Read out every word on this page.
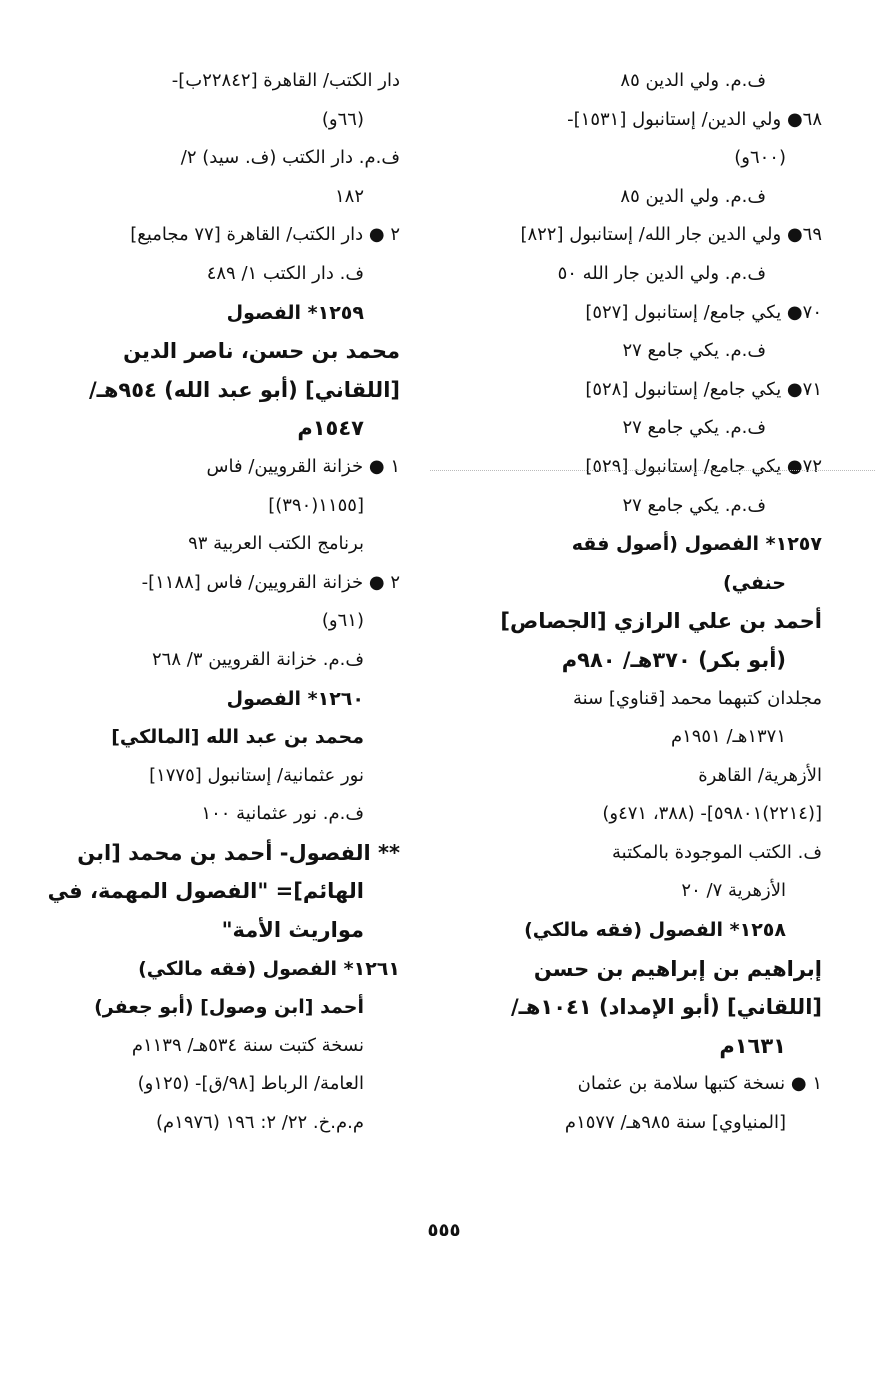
ف.م. ولي الدين ٨٥
٦٨● ولي الدين/ إستانبول [١٥٣١]-
(٦٠٠و)
ف.م. ولي الدين ٨٥
٦٩● ولي الدين جار الله/ إستانبول [٨٢٢]
ف.م. ولي الدين جار الله ٥٠
٧٠● يكي جامع/ إستانبول [٥٢٧]
ف.م. يكي جامع ٢٧
٧١● يكي جامع/ إستانبول [٥٢٨]
ف.م. يكي جامع ٢٧
٧٢● يكي جامع/ إستانبول [٥٢٩]
ف.م. يكي جامع ٢٧
١٢٥٧* الفصول (أصول فقه
حنفي)
أحمد بن علي الرازي [الجصاص]
(أبو بكر) ٣٧٠هـ/ ٩٨٠م
مجلدان كتبهما محمد [قناوي] سنة
١٣٧١هـ/ ١٩٥١م
الأزهرية/ القاهرة
[(٢٢١٤)٥٩٨٠١]- (٣٨٨، ٤٧١و)
ف. الكتب الموجودة بالمكتبة
الأزهرية ٧/ ٢٠
١٢٥٨* الفصول (فقه مالكي)
إبراهيم بن إبراهيم بن حسن
[اللقاني] (أبو الإمداد) ١٠٤١هـ/
١٦٣١م
١ ● نسخة كتبها سلامة بن عثمان
[المنياوي] سنة ٩٨٥هـ/ ١٥٧٧م
دار الكتب/ القاهرة [٢٢٨٤٢ب]-
(٦٦و)
ف.م. دار الكتب (ف. سيد) ٢/
١٨٢
٢ ● دار الكتب/ القاهرة [٧٧ مجاميع]
ف. دار الكتب ١/ ٤٨٩
١٢٥٩* الفصول
محمد بن حسن، ناصر الدين
[اللقاني] (أبو عبد الله) ٩٥٤هـ/
١٥٤٧م
١ ● خزانة القرويين/ فاس
[١١٥٥(٣٩٠)]
برنامج الكتب العربية ٩٣
٢ ● خزانة القرويين/ فاس [١١٨٨]-
(٦١و)
ف.م. خزانة القرويين ٣/ ٢٦٨
١٢٦٠* الفصول
محمد بن عبد الله [المالكي]
نور عثمانية/ إستانبول [١٧٧٥]
ف.م. نور عثمانية ١٠٠
** الفصول- أحمد بن محمد [ابن
الهائم]= "الفصول المهمة، في
مواريث الأمة"
١٢٦١* الفصول (فقه مالكي)
أحمد [ابن وصول] (أبو جعفر)
نسخة كتبت سنة ٥٣٤هـ/ ١١٣٩م
العامة/ الرباط [٩٨/ق]- (١٢٥و)
م.م.خ. ٢٢/ ٢: ١٩٦ (١٩٧٦م)
٥٥٥
